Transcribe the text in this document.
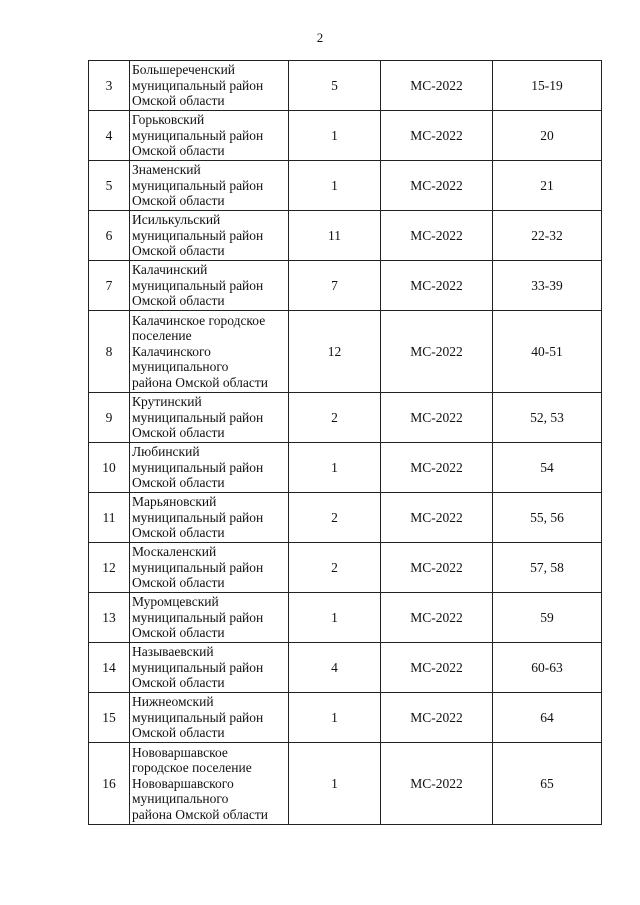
2
3	Большереченский
муниципальный район
Омской области	5	МС-2022	15-19
4	Горьковский
муниципальный район
Омской области	1	МС-2022	20
5	Знаменский
муниципальный район
Омской области	1	МС-2022	21
6	Исилькульский
муниципальный район
Омской области	11	МС-2022	22-32
7	Калачинский
муниципальный район
Омской области	7	МС-2022	33-39
8	Калачинское городское
поселение
Калачинского
муниципального
района Омской области	12	МС-2022	40-51
9	Крутинский
муниципальный район
Омской области	2	МС-2022	52, 53
10	Любинский
муниципальный район
Омской области	1	МС-2022	54
11	Марьяновский
муниципальный район
Омской области	2	МС-2022	55, 56
12	Москаленский
муниципальный район
Омской области	2	МС-2022	57, 58
13	Муромцевский
муниципальный район
Омской области	1	МС-2022	59
14	Называевский
муниципальный район
Омской области	4	МС-2022	60-63
15	Нижнеомский
муниципальный район
Омской области	1	МС-2022	64
16	Нововаршавское
городское поселение
Нововаршавского
муниципального
района Омской области	1	МС-2022	65
